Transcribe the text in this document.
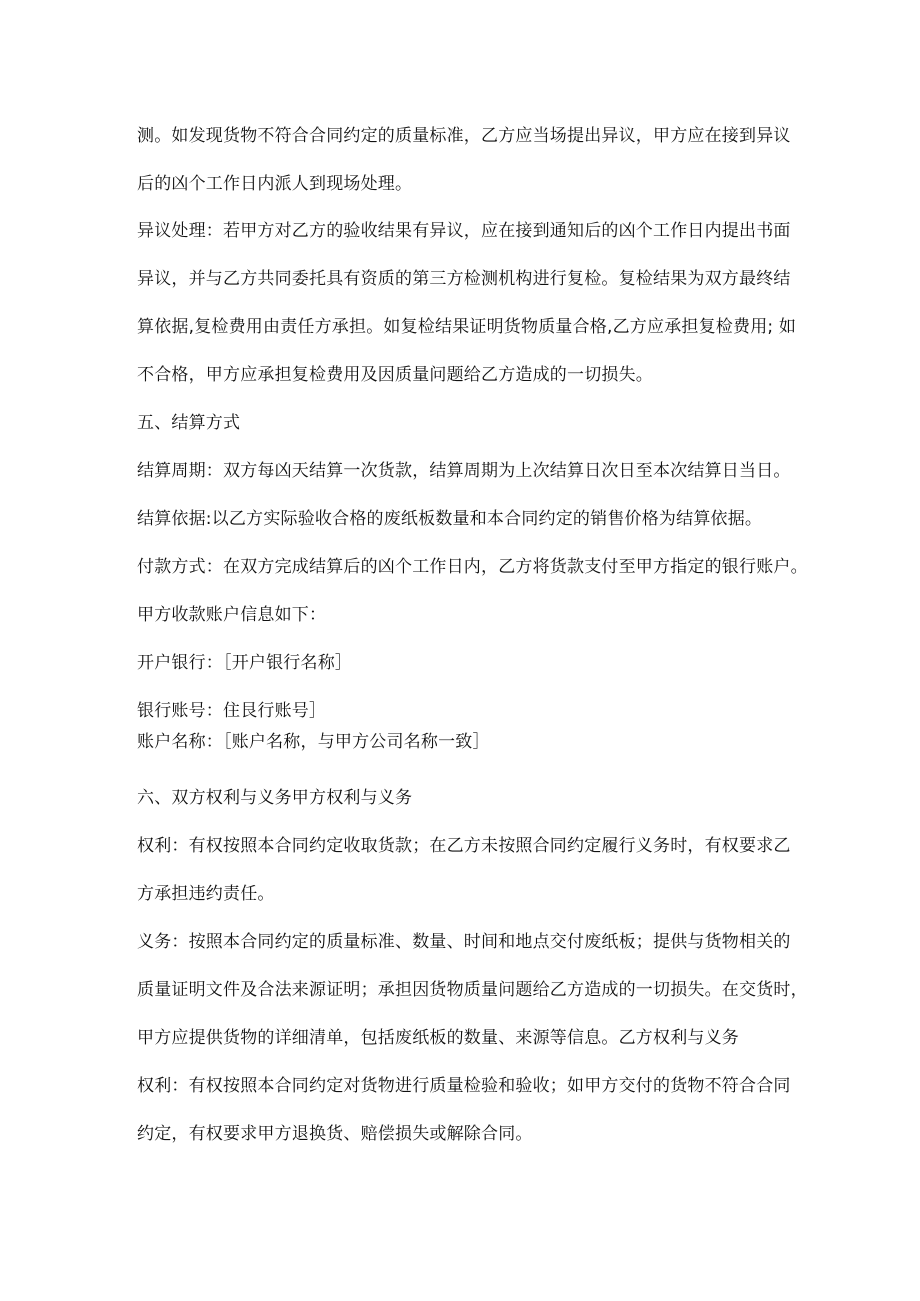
测。如发现货物不符合合同约定的质量标准，乙方应当场提出异议，甲方应在接到异议
后的凶个工作日内派人到现场处理。
异议处理：若甲方对乙方的验收结果有异议，应在接到通知后的凶个工作日内提出书面
异议，并与乙方共同委托具有资质的第三方检测机构进行复检。复检结果为双方最终结
算依据,复检费用由责任方承担。如复检结果证明货物质量合格,乙方应承担复检费用; 如
不合格，甲方应承担复检费用及因质量问题给乙方造成的一切损失。
五、结算方式
结算周期：双方每凶天结算一次货款，结算周期为上次结算日次日至本次结算日当日。
结算依据:以乙方实际验收合格的废纸板数量和本合同约定的销售价格为结算依据。
付款方式：在双方完成结算后的凶个工作日内，乙方将货款支付至甲方指定的银行账户。
甲方收款账户信息如下：
开户银行：［开户银行名称］
银行账号：住艮行账号］
账户名称：［账户名称，与甲方公司名称一致］
六、双方权利与义务甲方权利与义务
权利：有权按照本合同约定收取货款；在乙方未按照合同约定履行义务时，有权要求乙
方承担违约责任。
义务：按照本合同约定的质量标准、数量、时间和地点交付废纸板；提供与货物相关的
质量证明文件及合法来源证明；承担因货物质量问题给乙方造成的一切损失。在交货时，
甲方应提供货物的详细清单，包括废纸板的数量、来源等信息。乙方权利与义务
权利：有权按照本合同约定对货物进行质量检验和验收；如甲方交付的货物不符合合同
约定，有权要求甲方退换货、赔偿损失或解除合同。
